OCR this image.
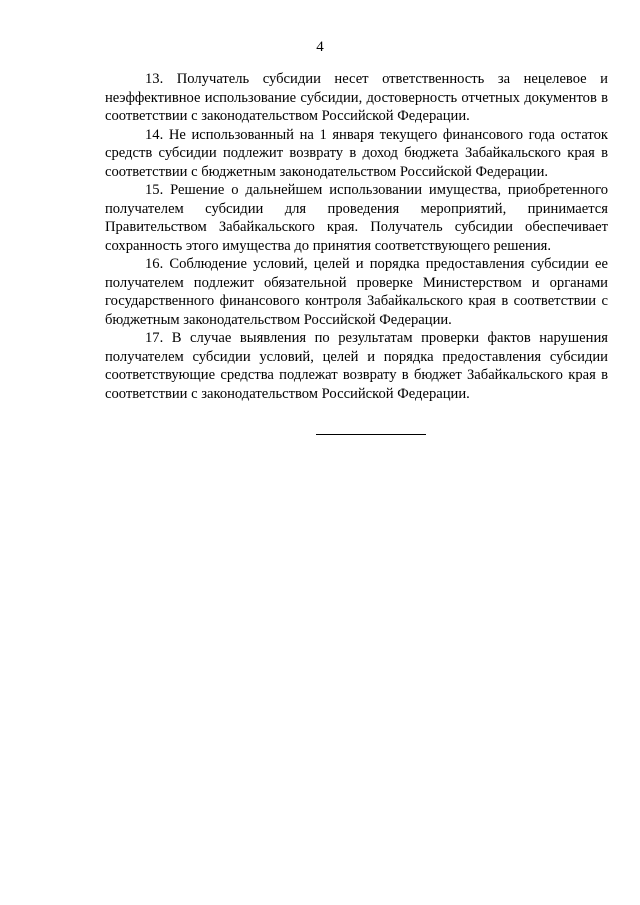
4

13. Получатель субсидии несет ответственность за нецелевое и неэффективное использование субсидии, достоверность отчетных документов в соответствии с законодательством Российской Федерации.

14. Не использованный на 1 января текущего финансового года остаток средств субсидии подлежит возврату в доход бюджета Забайкальского края в соответствии с бюджетным законодательством Российской Федерации.

15. Решение о дальнейшем использовании имущества, приобретенного получателем субсидии для проведения мероприятий, принимается Правительством Забайкальского края. Получатель субсидии обеспечивает сохранность этого имущества до принятия соответствующего решения.

16. Соблюдение условий, целей и порядка предоставления субсидии ее получателем подлежит обязательной проверке Министерством и органами государственного финансового контроля Забайкальского края в соответствии с бюджетным законодательством Российской Федерации.

17. В случае выявления по результатам проверки фактов нарушения получателем субсидии условий, целей и порядка предоставления субсидии соответствующие средства подлежат возврату в бюджет Забайкальского края в соответствии с законодательством Российской Федерации.
